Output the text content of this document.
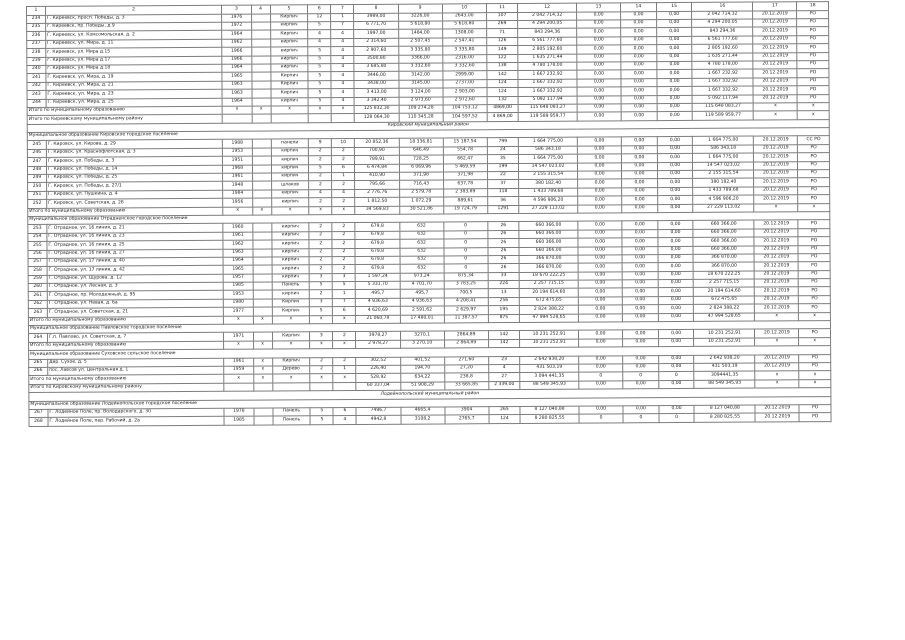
1	2	3	4	5	6	7	8	9	10	11	12	13	14	15	16	17	18
234	Г. Киреевск, просп. Победы, д. 3	1976		Кирпич	12	1	3989,00	3226,00	2643,00	107	2 042 714,32	0,00	0,00	0,00	2 042 714,32	20.12.2019	РО
235	г. Киреевск, пр. Победы, д 9	1972		кирпич	5	7	6 771,70	5 618,80	5 618,80	269	4 294 200,05	0,00	0,00	0,00	4 294 200,05	20.12.2019	РО
236	Г. Киреевск, ул. Комсомольская, д. 2	1964		Кирпич	4	4	1997,00	1484,00	1308,00	71	843 294,36	0,00	0,00	0,00	843 294,36	20.12.2019	РО
237	Г. Киреевск, ул. Мира, д. 11	1962		кирпич	4	4	2 314,60	2 507,45	2 547,41	126	6 561 777,60	0,00	0,00	0,00	6 561 777,60	20.12.2019	РО
238	г. Киреевск, ул. Мира д.15	1966		кирпич	5	4	2 907,60	3 335,80	3 335,80	149	2 805 192,60	0,00	0,00	0,00	2 805 192,60	20.12.2019	РО
239	г. Киреевск, ул. Мира д.17	1966		кирпич	5	4	3500,80	3366,00	2316,00	122	1 635 271,44	0,00	0,00	0,00	1 635 271,44	20.12.2019	РО
240	г. Киреевск, ул. Мира д.18	1964		кирпич	5	4	3 685,80	3 332,60	3 332,60	138	4 780 178,00	0,00	0,00	0,00	4 780 178,00	20.12.2019	РО
241	Г. Киреевск, ул. Мира, д. 19	1965		Кирпич	5	4	3446,00	3142,00	2999,00	142	1 667 232,92	0,00	0,00	0,00	1 667 232,92	20.12.2019	РО
242	Г. Киреевск, ул. Мира, д. 21	1963		Кирпич	5	4	3438,00	3145,00	2737,00	124	1 667 332,92	0,00	0,00	0,00	1 667 332,92	20.12.2019	РО
243	Г. Киреевск, ул. Мира, д. 23	1963		Кирпич	5	4	3 413,00	3 124,00	2 903,00	124	1 667 332,92	0,00	0,00	0,00	1 667 332,92	20.12.2019	РО
244	Г. Киреевск, ул. Мира, д. 25	1964		кирпич	5	4	3 342,40	2 973,60	2 972,60	132	5 092 117,94	0,00	0,00	0,00	5 092 117,94	20.12.2019	РО
Итого по муниципальному образованию		x	x	x	x	x	125 832,30	109 274,28	104 753,12	4869,00	115 648 083,27	0,00	0,00	0,00	115 648 083,27	x	x
Итого по Киреевскому муниципальному району							128 064,30	110 345,28	104 597,52	4 869,00	119 589 959,77	0,00	0,00	0,00	119 589 959,77	x	x
Кировский муниципальный район																	
Муниципальное образование Кировское городское поселение																	
245	Г. Кировск, ул. Кирова, д. 29	1988		панели	9	10	20 852,36	18 336,81	15 187,54	799	1 664 775,00	0,00	0,00	0,00	1 664 775,00	20.12.2019	СС РО
246	Г. Кировск, ул. Краснофлотская, д. 3	1953		кирпич	2	2	700,90	646,49	554,78	24	586 343,18	0,00	0,00	0,00	586 343,18	20.12.2019	РО
247	Г. Кировск, ул. Победы, д. 3	1951		кирпич	2	2	789,91	728,25	662,47	35	1 664 775,00	0,00	0,00	0,00	1 664 775,00	20.12.2019	РО
248	Г. Кировск, ул. Победы, д. 14	1968		кирпич	5	6	6 474,84	6 069,96	5 469,59	199	14 547 023,02	0,00	0,00	0,00	14 547 023,02	20.12.2019	РО
249	Г. Кировск, ул. Победы, д. 25	1961		кирпич	2	1	410,90	371,98	371,98	22	2 155 315,54	0,00	0,00	0,00	2 155 315,54	20.12.2019	РО
250	Г. Кировск, ул. Победы, д. 27/1	1948		шлаков	2	2	795,66	716,43	637,78	37	380 182,40	0,00	0,00	0,00	380 182,40	20.12.2019	РО
251	Г. Кировск, ул. Пушкина, д. 4	1984		кирпич	4	4	2 776,76	2 579,78	2 383,89	118	1 433 789,68	0,00	0,00	0,00	1 433 789,68	20.12.2019	РО
252	Г. Кировск, ул. Советская, д. 26	1956		кирпич	2	2	1 812,50	1 072,29	889,61	36	4 596 906,20	0,00	0,00	0,00	4 596 906,20	20.12.2019	РО
Итого по муниципальному образованию		x	x	x	x	x	34 569,83	30 521,86	19 724,79	1291	27 229 113,02	0,00	0,00	0,00	27 229 113,02	x	x
Муниципальное образование Отрадненское городское поселение																	
253	Г. Отрадное, ул. 16 линия, д. 21	1960		кирпич	2	2	679,8	632	0	26	660 366,00	0,00	0,00	0,00	660 366,00	20.12.2019	РО
254	Г. Отрадное, ул. 16 линия, д. 23	1961		кирпич	2	2	679,8	632	0	26	660 366,00	0,00	0,00	0,00	660 366,00	20.12.2019	РО
255	Г. Отрадное, ул. 16 линия, д. 25	1962		кирпич	2	2	679,8	632	0	26	660 366,00	0,00	0,00	0,00	660 366,00	20.12.2019	РО
256	Г. Отрадное, ул. 16 линия, д. 27	1963		кирпич	2	2	679,8	632	0	26	660 366,00	0,00	0,00	0,00	660 366,00	20.12.2019	РО
257	Г. Отрадное, ул. 17 линия, д. 40	1964		кирпич	2	2	679,8	632	0	26	366 870,00	0,00	0,00	0,00	366 870,00	20.12.2019	РО
258	Г. Отрадное, ул. 17 линия, д. 42	1965		кирпич	2	2	679,8	632	0	26	366 870,00	0,00	0,00	0,00	366 870,00	20.12.2019	РО
259	Г. Отрадное, ул. Щурова, д. 12	1957		кирпич	3	3	1 597,24	973,24	875,34	33	18 670 222,25	0,00	0,00	0,00	18 670 222,25	20.12.2019	РО
260	Г. Отрадное, ул. Лесная, д. 3	1985		Панель	5	5	5 331,70	4 701,70	3 783,25	224	2 257 715,15	0,00	0,00	0,00	2 257 715,15	20.12.2019	РО
261	Г. Отрадное, пр. Молодежный, д. 95	1953		кирпич	2	1	495,7	495,7	700,5	13	20 194 614,60	0,00	0,00	0,00	20 194 614,60	20.12.2019	РО
262	Г. Отрадное, ул. Невая, д. 6а	1980		Кирпич	3	7	4 936,63	4 936,63	4 208,41	256	672 475,65	0,00	0,00	0,00	672 475,65	20.12.2019	РО
263	Г. Отрадное, ул. Советская, д. 21	1977		Кирпич	5	6	4 620,69	2 591,62	2 629,97	195	2 824 388,22	0,00	0,00	0,00	2 824 388,22	20.12.2019	РО
Итого по муниципальному образованию		x	x	x	x	x	21 060,78	17 480,01	11 387,57	875	47 994 528,65	0,00	0,00	0,00	47 994 528,65	x	x
Муниципальное образование Павловское городское поселение																	
264	Г.п. Павлово, ул. Советская, д. 7	1971		Кирпич	3	2	3978,27	3270,1	2864,89	142	10 231 252,91	0,00	0,00	0,00	10 231 252,91	20.12.2019	РО
Итого по муниципальному образованию		x	x	x	x	x	2 978,27	3 270,10	2 864,89	142	10 231 252,91	0,00	0,00	0,00	10 231 252,91	x	x
Муниципальное образование Суховское сельское поселение																	
265	Дер. Сухое, д. 5	1961	x	Кирпич	2	2	302,52	401,52	271,60	23	2 642 938,20	0,00	0,00	0,00	2 642 938,20	20.12.2019	РО
266	пос. Лавсов ул. Центральная д. 1	1959	x	Дерево	2	1	226,40	194,70	27,20	4	431 503,19	0,00	0,00	0,00	431 503,19	20.12.2019	РО
Итого по муниципальному образованию		x	x	x	x	x	528,92	634,22	238,8	27	3 094 441,35	0	0	0	3094441,35	x	x
Итого по Кировскому муниципальному району							60 337,04	51 908,29	33 665,85	2 339,00	88 549 345,93	0,00	0,00	0,00	88 549 345,93	x	x
Лодейнопольский муниципальный район																	
Муниципальное образование Лодейнопольское городское поселение																	
267	Г. Лодейное Поле, пр. Володарского, д. 30	1978		Панель	5	6	7496,7	4665,4	3904	265	8 127 040,88	0,00	0,00	0,00	8 127 040,88	20.12.2019	РО
268	Г. Лодейное Поле, пер. Рабочий, д. 2а	1985		Панель	5	4	4942,8	3108,2	2765,7	124	8 280 825,55	0	0	0	8 280 825,55	20.12.2019	РО
